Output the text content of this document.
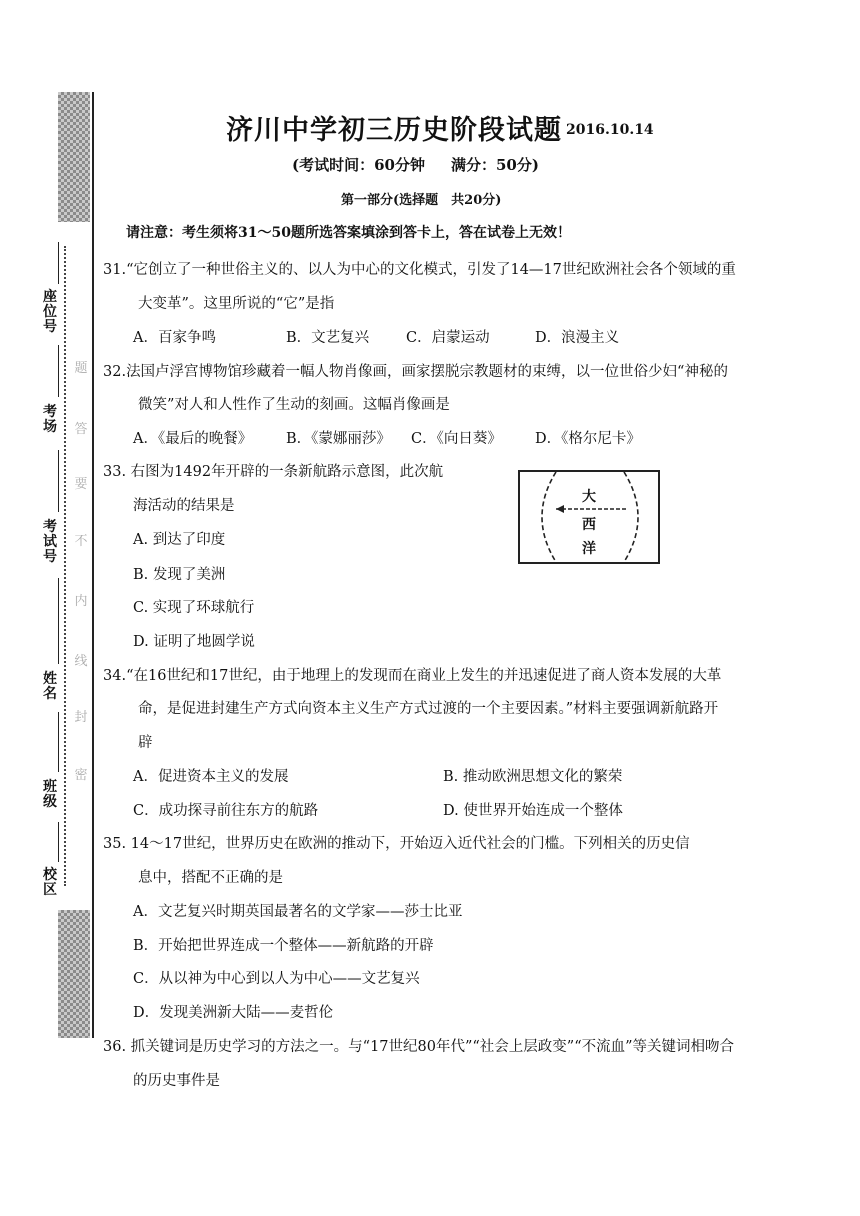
座位号
考场
考试号
姓名
班级
校区
题
答
要
不
内
线
封
密
济川中学初三历史阶段试题 2016.10.14
(考试时间：60分钟 满分：50分)
第一部分(选择题　共20分)
请注意：考生须将31～50题所选答案填涂到答卡上，答在试卷上无效！
31.“它创立了一种世俗主义的、以人为中心的文化模式，引发了14—17世纪欧洲社会各个领域的重
大变革”。这里所说的“它”是指
A．百家争鸣	B．文艺复兴	C．启蒙运动	D．浪漫主义
32.法国卢浮宫博物馆珍藏着一幅人物肖像画，画家摆脱宗教题材的束缚，以一位世俗少妇“神秘的
微笑”对人和人性作了生动的刻画。这幅肖像画是
A．《最后的晚餐》 B．《蒙娜丽莎》 C．《向日葵》 D．《格尔尼卡》
33. 右图为1492年开辟的一条新航路示意图，此次航
海活动的结果是
A. 到达了印度
B. 发现了美洲
C. 实现了环球航行
D. 证明了地圆学说
大
西
洋
34.“在16世纪和17世纪，由于地理上的发现而在商业上发生的并迅速促进了商人资本发展的大革
命，是促进封建生产方式向资本主义生产方式过渡的一个主要因素。”材料主要强调新航路开
辟
A．促进资本主义的发展	B. 推动欧洲思想文化的繁荣
C．成功探寻前往东方的航路	D. 使世界开始连成一个整体
35. 14～17世纪，世界历史在欧洲的推动下，开始迈入近代社会的门槛。下列相关的历史信
息中，搭配不正确的是
A．文艺复兴时期英国最著名的文学家——莎士比亚
B．开始把世界连成一个整体——新航路的开辟
C．从以神为中心到以人为中心——文艺复兴
D．发现美洲新大陆——麦哲伦
36. 抓关键词是历史学习的方法之一。与“17世纪80年代”“社会上层政变”“不流血”等关键词相吻合
的历史事件是
